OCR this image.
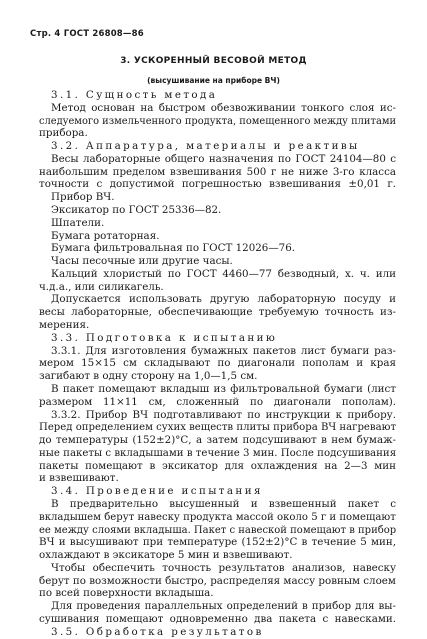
Стр. 4 ГОСТ 26808—86
3. УСКОРЕННЫЙ ВЕСОВОЙ МЕТОД
(высушивание на приборе ВЧ)
3.1. Сущность метода
Метод основан на быстром обезвоживании тонкого слоя ис-
следуемого измельченного продукта, помещенного между плитами
прибора.
3.2. Аппаратура, материалы и реактивы
Весы лабораторные общего назначения по ГОСТ 24104—80 с
наибольшим пределом взвешивания 500 г не ниже 3-го класса
точности с допустимой погрешностью взвешивания ±0,01 г.
Прибор ВЧ.
Эксикатор по ГОСТ 25336—82.
Шпатели.
Бумага ротаторная.
Бумага фильтровальная по ГОСТ 12026—76.
Часы песочные или другие часы.
Кальций хлористый по ГОСТ 4460—77 безводный, х. ч. или
ч.д.а., или силикагель.
Допускается использовать другую лабораторную посуду и
весы лабораторные, обеспечивающие требуемую точность из-
мерения.
3.3. Подготовка к испытанию
3.3.1. Для изготовления бумажных пакетов лист бумаги раз-
мером 15×15 см складывают по диагонали пополам и края
загибают в одну сторону на 1,0—1,5 см.
В пакет помещают вкладыш из фильтровальной бумаги (лист
размером 11×11 см, сложенный по диагонали пополам).
3.3.2. Прибор ВЧ подготавливают по инструкции к прибору.
Перед определением сухих веществ плиты прибора ВЧ нагревают
до температуры (152±2)°С, а затем подсушивают в нем бумаж-
ные пакеты с вкладышами в течение 3 мин. После подсушивания
пакеты помещают в эксикатор для охлаждения на 2—3 мин
и взвешивают.
3.4. Проведение испытания
В предварительно высушенный и взвешенный пакет с
вкладышем берут навеску продукта массой около 5 г и помещают
ее между слоями вкладыша. Пакет с навеской помещают в прибор
ВЧ и высушивают при температуре (152±2)°С в течение 5 мин,
охлаждают в эксикаторе 5 мин и взвешивают.
Чтобы обеспечить точность результатов анализов, навеску
берут по возможности быстро, распределяя массу ровным слоем
по всей поверхности вкладыша.
Для проведения параллельных определений в прибор для вы-
сушивания помещают одновременно два пакета с навесками.
3.5. Обработка результатов
